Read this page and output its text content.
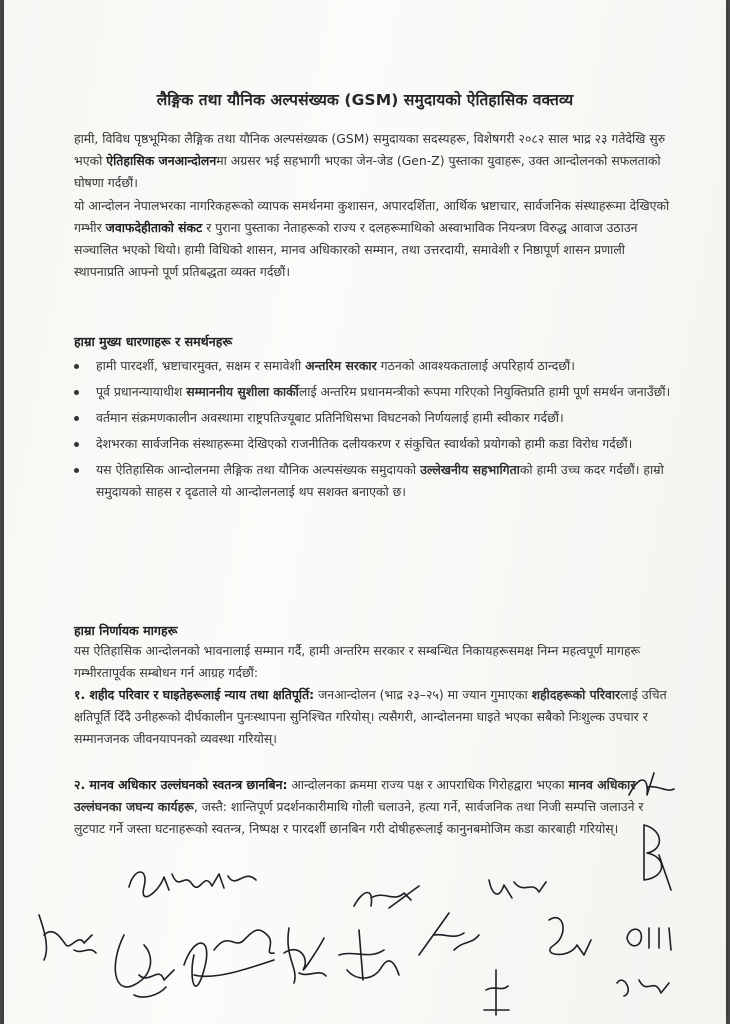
लैङ्गिक तथा यौनिक अल्पसंख्यक (GSM) समुदायको ऐतिहासिक वक्तव्य
हामी, विविध पृष्ठभूमिका लैङ्गिक तथा यौनिक अल्पसंख्यक (GSM) समुदायका सदस्यहरू, विशेषगरी २०८२ साल भाद्र २३ गतेदेखि सुरु भएको ऐतिहासिक जनआन्दोलनमा अग्रसर भई सहभागी भएका जेन-जेड (Gen-Z) पुस्ताका युवाहरू, उक्त आन्दोलनको सफलताको घोषणा गर्दछौं।
यो आन्दोलन नेपालभरका नागरिकहरूको व्यापक समर्थनमा कुशासन, अपारदर्शिता, आर्थिक भ्रष्टाचार, सार्वजनिक संस्थाहरूमा देखिएको गम्भीर जवाफदेहीताको संकट र पुराना पुस्ताका नेताहरूको राज्य र दलहरूमाथिको अस्वाभाविक नियन्त्रण विरुद्ध आवाज उठाउन सञ्चालित भएको थियो। हामी विधिको शासन, मानव अधिकारको सम्मान, तथा उत्तरदायी, समावेशी र निष्ठापूर्ण शासन प्रणाली स्थापनाप्रति आफ्नो पूर्ण प्रतिबद्धता व्यक्त गर्दछौं।
हाम्रा मुख्य धारणाहरू र समर्थनहरू
हामी पारदर्शी, भ्रष्टाचारमुक्त, सक्षम र समावेशी अन्तरिम सरकार गठनको आवश्यकतालाई अपरिहार्य ठान्दछौं।
पूर्व प्रधानन्यायाधीश सम्माननीय सुशीला कार्कीलाई अन्तरिम प्रधानमन्त्रीको रूपमा गरिएको नियुक्तिप्रति हामी पूर्ण समर्थन जनाउँछौं।
वर्तमान संक्रमणकालीन अवस्थामा राष्ट्रपतिज्यूबाट प्रतिनिधिसभा विघटनको निर्णयलाई हामी स्वीकार गर्दछौं।
देशभरका सार्वजनिक संस्थाहरूमा देखिएको राजनीतिक दलीयकरण र संकुचित स्वार्थको प्रयोगको हामी कडा विरोध गर्दछौं।
यस ऐतिहासिक आन्दोलनमा लैङ्गिक तथा यौनिक अल्पसंख्यक समुदायको उल्लेखनीय सहभागिताको हामी उच्च कदर गर्दछौं। हाम्रो समुदायको साहस र दृढताले यो आन्दोलनलाई थप सशक्त बनाएको छ।
हाम्रा निर्णायक मागहरू
यस ऐतिहासिक आन्दोलनको भावनालाई सम्मान गर्दै, हामी अन्तरिम सरकार र सम्बन्धित निकायहरूसमक्ष निम्न महत्वपूर्ण मागहरू गम्भीरतापूर्वक सम्बोधन गर्न आग्रह गर्दछौं:
१. शहीद परिवार र घाइतेहरूलाई न्याय तथा क्षतिपूर्ति: जनआन्दोलन (भाद्र २३–२५) मा ज्यान गुमाएका शहीदहरूको परिवारलाई उचित क्षतिपूर्ति दिँदै उनीहरूको दीर्घकालीन पुनःस्थापना सुनिश्चित गरियोस्। त्यसैगरी, आन्दोलनमा घाइते भएका सबैको निःशुल्क उपचार र सम्मानजनक जीवनयापनको व्यवस्था गरियोस्।
२. मानव अधिकार उल्लंघनको स्वतन्त्र छानबिन: आन्दोलनका क्रममा राज्य पक्ष र आपराधिक गिरोहद्वारा भएका मानव अधिकार उल्लंघनका जघन्य कार्यहरू, जस्तै: शान्तिपूर्ण प्रदर्शनकारीमाथि गोली चलाउने, हत्या गर्ने, सार्वजनिक तथा निजी सम्पत्ति जलाउने र लुटपाट गर्ने जस्ता घटनाहरूको स्वतन्त्र, निष्पक्ष र पारदर्शी छानबिन गरी दोषीहरूलाई कानुनबमोजिम कडा कारबाही गरियोस्।
